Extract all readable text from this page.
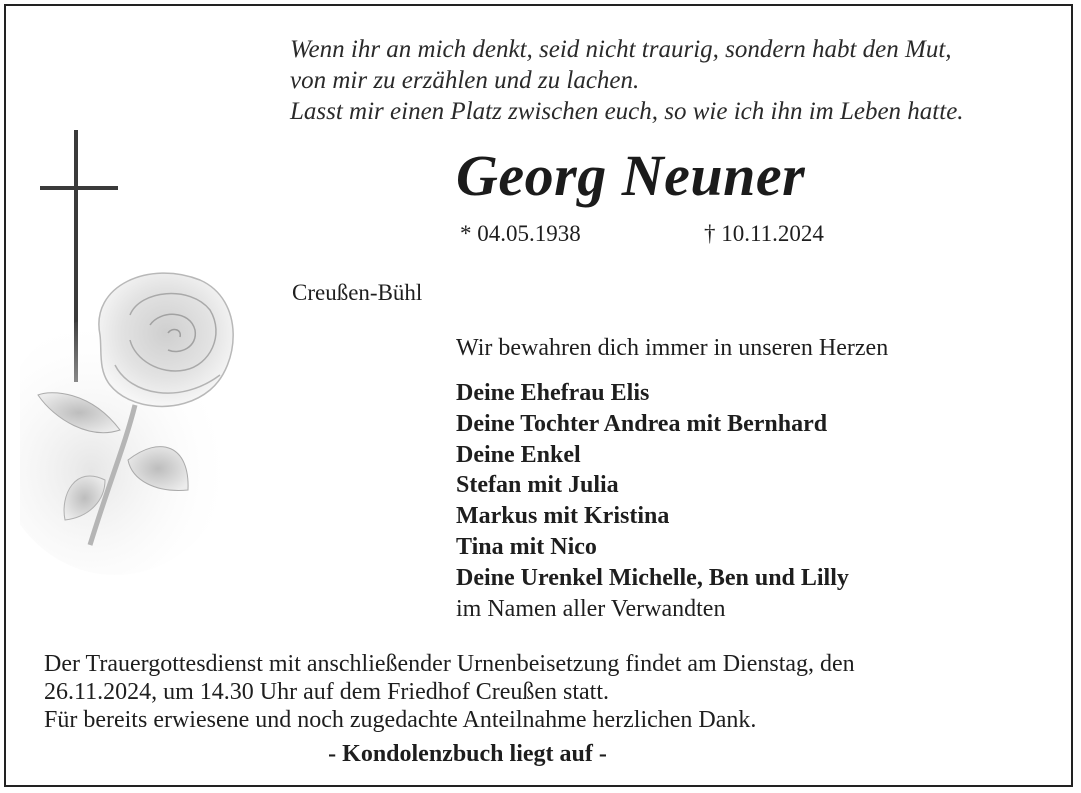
Wenn ihr an mich denkt, seid nicht traurig, sondern habt den Mut,
von mir zu erzählen und zu lachen.
Lasst mir einen Platz zwischen euch, so wie ich ihn im Leben hatte.
Georg Neuner
* 04.05.1938	† 10.11.2024
Creußen-Bühl
Wir bewahren dich immer in unseren Herzen
Deine Ehefrau Elis
Deine Tochter Andrea mit Bernhard
Deine Enkel
Stefan mit Julia
Markus mit Kristina
Tina mit Nico
Deine Urenkel Michelle, Ben und Lilly
im Namen aller Verwandten
Der Trauergottesdienst mit anschließender Urnenbeisetzung findet am Dienstag, den
26.11.2024, um 14.30 Uhr auf dem Friedhof Creußen statt.
Für bereits erwiesene und noch zugedachte Anteilnahme herzlichen Dank.
- Kondolenzbuch liegt auf -
